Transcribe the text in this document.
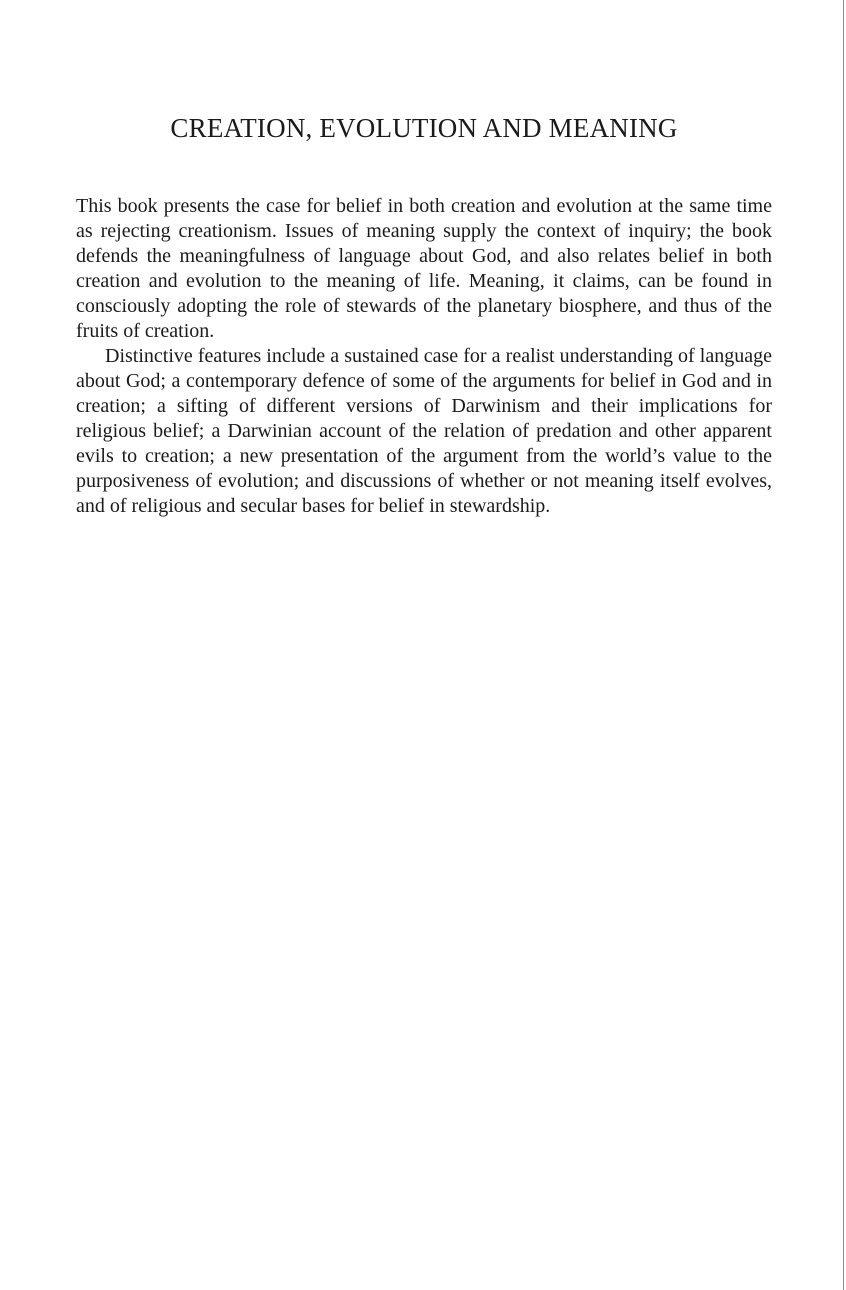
CREATION, EVOLUTION AND MEANING

This book presents the case for belief in both creation and evolution at the same time as rejecting creationism. Issues of meaning supply the context of inquiry; the book defends the meaningfulness of language about God, and also relates belief in both creation and evolution to the meaning of life. Meaning, it claims, can be found in consciously adopting the role of stewards of the planetary biosphere, and thus of the fruits of creation.

Distinctive features include a sustained case for a realist understanding of language about God; a contemporary defence of some of the arguments for belief in God and in creation; a sifting of different versions of Darwinism and their implications for religious belief; a Darwinian account of the relation of predation and other apparent evils to creation; a new presentation of the argument from the world’s value to the purposiveness of evolution; and discussions of whether or not meaning itself evolves, and of religious and secular bases for belief in stewardship.
